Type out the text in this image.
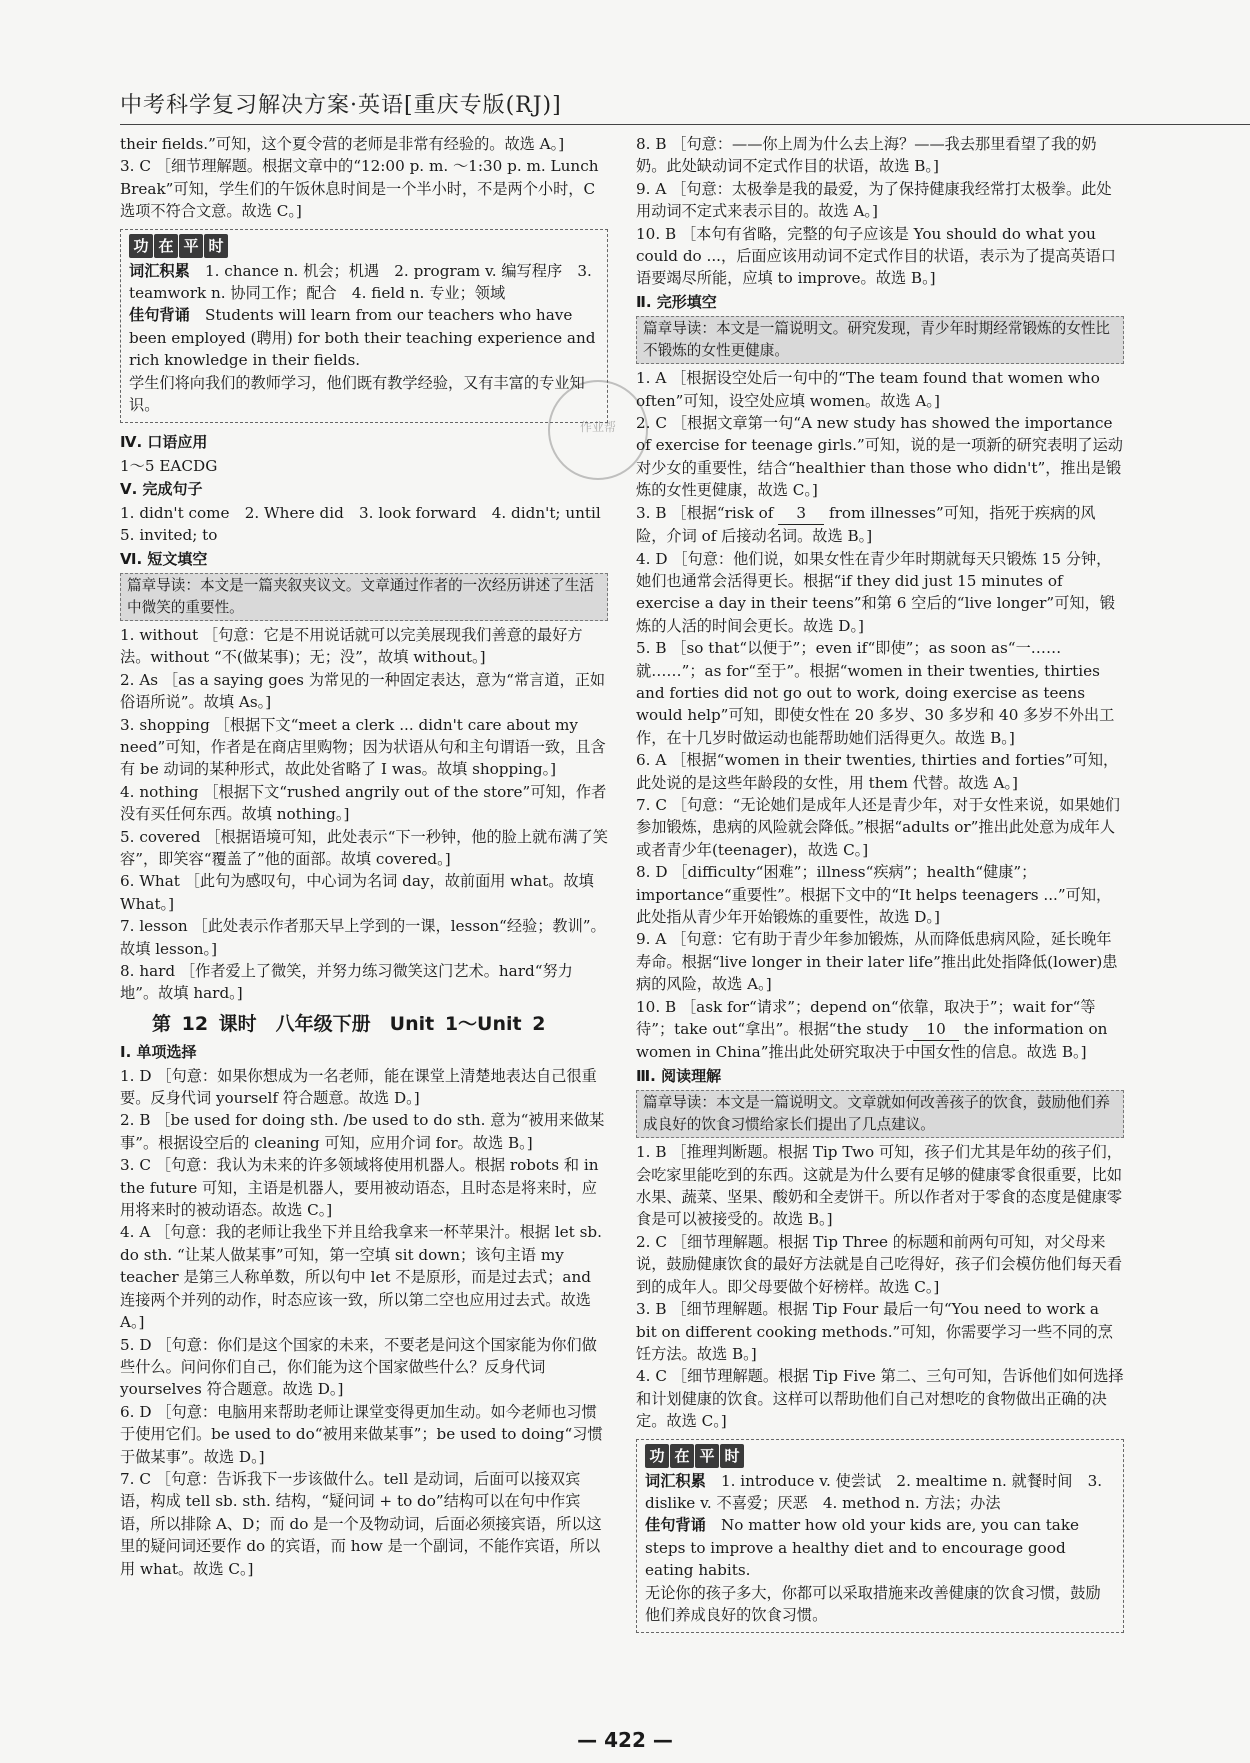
中考科学复习解决方案·英语[重庆专版(RJ)]
作业帮

their fields.”可知，这个夏令营的老师是非常有经验的。故选 A。]

3. C ［细节理解题。根据文章中的“12:00 p. m. ～1:30 p. m. Lunch Break”可知，学生们的午饭休息时间是一个半小时，不是两个小时，C 选项不符合文意。故选 C。]

功 在 平 时
词汇积累　 1. chance n. 机会；机遇　2. program v. 编写程序　3. teamwork n. 协同工作；配合　4. field n. 专业；领域
佳句背诵　 Students will learn from our teachers who have been employed (聘用) for both their teaching experience and rich knowledge in their fields.
学生们将向我们的教师学习，他们既有教学经验，又有丰富的专业知识。
Ⅳ. 口语应用

1～5 EACDG

Ⅴ. 完成句子

1. didn't come　2. Where did　3. look forward　4. didn't; until

5. invited; to

Ⅵ. 短文填空
篇章导读：本文是一篇夹叙夹议文。文章通过作者的一次经历讲述了生活中微笑的重要性。

1. without ［句意：它是不用说话就可以完美展现我们善意的最好方法。without “不(做某事)；无；没”，故填 without。]

2. As ［as a saying goes 为常见的一种固定表达，意为“常言道，正如俗语所说”。故填 As。]

3. shopping ［根据下文“meet a clerk ... didn't care about my need”可知，作者是在商店里购物；因为状语从句和主句谓语一致，且含有 be 动词的某种形式，故此处省略了 I was。故填 shopping。]

4. nothing ［根据下文“rushed angrily out of the store”可知，作者没有买任何东西。故填 nothing。]

5. covered ［根据语境可知，此处表示“下一秒钟，他的脸上就布满了笑容”，即笑容“覆盖了”他的面部。故填 covered。]

6. What ［此句为感叹句，中心词为名词 day，故前面用 what。故填 What。]

7. lesson ［此处表示作者那天早上学到的一课，lesson“经验；教训”。故填 lesson。]

8. hard ［作者爱上了微笑，并努力练习微笑这门艺术。hard“努力地”。故填 hard。]

第 12 课时　八年级下册　Unit 1～Unit 2
Ⅰ. 单项选择

1. D ［句意：如果你想成为一名老师，能在课堂上清楚地表达自己很重要。反身代词 yourself 符合题意。故选 D。]

2. B ［be used for doing sth. /be used to do sth. 意为“被用来做某事”。根据设空后的 cleaning 可知，应用介词 for。故选 B。]

3. C ［句意：我认为未来的许多领域将使用机器人。根据 robots 和 in the future 可知，主语是机器人，要用被动语态，且时态是将来时，应用将来时的被动语态。故选 C。]

4. A ［句意：我的老师让我坐下并且给我拿来一杯苹果汁。根据 let sb. do sth. “让某人做某事”可知，第一空填 sit down；该句主语 my teacher 是第三人称单数，所以句中 let 不是原形，而是过去式；and 连接两个并列的动作，时态应该一致，所以第二空也应用过去式。故选 A。]

5. D ［句意：你们是这个国家的未来，不要老是问这个国家能为你们做些什么。问问你们自己，你们能为这个国家做些什么？反身代词 yourselves 符合题意。故选 D。]

6. D ［句意：电脑用来帮助老师让课堂变得更加生动。如今老师也习惯于使用它们。be used to do“被用来做某事”；be used to doing“习惯于做某事”。故选 D。]

7. C ［句意：告诉我下一步该做什么。tell 是动词，后面可以接双宾语，构成 tell sb. sth. 结构，“疑问词 + to do”结构可以在句中作宾语，所以排除 A、D；而 do 是一个及物动词，后面必须接宾语，所以这里的疑问词还要作 do 的宾语，而 how 是一个副词，不能作宾语，所以用 what。故选 C。]

8. B ［句意：——你上周为什么去上海？——我去那里看望了我的奶奶。此处缺动词不定式作目的状语，故选 B。]

9. A ［句意：太极拳是我的最爱，为了保持健康我经常打太极拳。此处用动词不定式来表示目的。故选 A。]

10. B ［本句有省略，完整的句子应该是 You should do what you could do ...，后面应该用动词不定式作目的状语，表示为了提高英语口语要竭尽所能，应填 to improve。故选 B。]

Ⅱ. 完形填空
篇章导读：本文是一篇说明文。研究发现，青少年时期经常锻炼的女性比不锻炼的女性更健康。

1. A ［根据设空处后一句中的“The team found that women who often”可知，设空处应填 women。故选 A。]

2. C ［根据文章第一句“A new study has showed the importance of exercise for teenage girls.”可知，说的是一项新的研究表明了运动对少女的重要性，结合“healthier than those who didn't”，推出是锻炼的女性更健康，故选 C。]

3. B ［根据“risk of 3 from illnesses”可知，指死于疾病的风险，介词 of 后接动名词。故选 B。]

4. D ［句意：他们说，如果女性在青少年时期就每天只锻炼 15 分钟，她们也通常会活得更长。根据“if they did just 15 minutes of exercise a day in their teens”和第 6 空后的“live longer”可知，锻炼的人活的时间会更长。故选 D。]

5. B ［so that“以便于”；even if“即使”；as soon as“一……就……”；as for“至于”。根据“women in their twenties, thirties and forties did not go out to work, doing exercise as teens would help”可知，即使女性在 20 多岁、30 多岁和 40 多岁不外出工作，在十几岁时做运动也能帮助她们活得更久。故选 B。]

6. A ［根据“women in their twenties, thirties and forties”可知，此处说的是这些年龄段的女性，用 them 代替。故选 A。]

7. C ［句意：“无论她们是成年人还是青少年，对于女性来说，如果她们参加锻炼，患病的风险就会降低。”根据“adults or”推出此处意为成年人或者青少年(teenager)，故选 C。]

8. D ［difficulty“困难”；illness“疾病”；health“健康”；importance“重要性”。根据下文中的“It helps teenagers ...”可知，此处指从青少年开始锻炼的重要性，故选 D。]

9. A ［句意：它有助于青少年参加锻炼，从而降低患病风险，延长晚年寿命。根据“live longer in their later life”推出此处指降低(lower)患病的风险，故选 A。]

10. B ［ask for“请求”；depend on“依靠，取决于”；wait for“等待”；take out“拿出”。根据“the study 10 the information on women in China”推出此处研究取决于中国女性的信息。故选 B。]

Ⅲ. 阅读理解
篇章导读：本文是一篇说明文。文章就如何改善孩子的饮食，鼓励他们养成良好的饮食习惯给家长们提出了几点建议。

1. B ［推理判断题。根据 Tip Two 可知，孩子们尤其是年幼的孩子们，会吃家里能吃到的东西。这就是为什么要有足够的健康零食很重要，比如水果、蔬菜、坚果、酸奶和全麦饼干。所以作者对于零食的态度是健康零食是可以被接受的。故选 B。]

2. C ［细节理解题。根据 Tip Three 的标题和前两句可知，对父母来说，鼓励健康饮食的最好方法就是自己吃得好，孩子们会模仿他们每天看到的成年人。即父母要做个好榜样。故选 C。]

3. B ［细节理解题。根据 Tip Four 最后一句“You need to work a bit on different cooking methods.”可知，你需要学习一些不同的烹饪方法。故选 B。]

4. C ［细节理解题。根据 Tip Five 第二、三句可知，告诉他们如何选择和计划健康的饮食。这样可以帮助他们自己对想吃的食物做出正确的决定。故选 C。]

功 在 平 时
词汇积累　 1. introduce v. 使尝试　2. mealtime n. 就餐时间　3. dislike v. 不喜爱；厌恶　4. method n. 方法；办法
佳句背诵　 No matter how old your kids are, you can take steps to improve a healthy diet and to encourage good eating habits.
无论你的孩子多大，你都可以采取措施来改善健康的饮食习惯，鼓励他们养成良好的饮食习惯。
— 422 —
